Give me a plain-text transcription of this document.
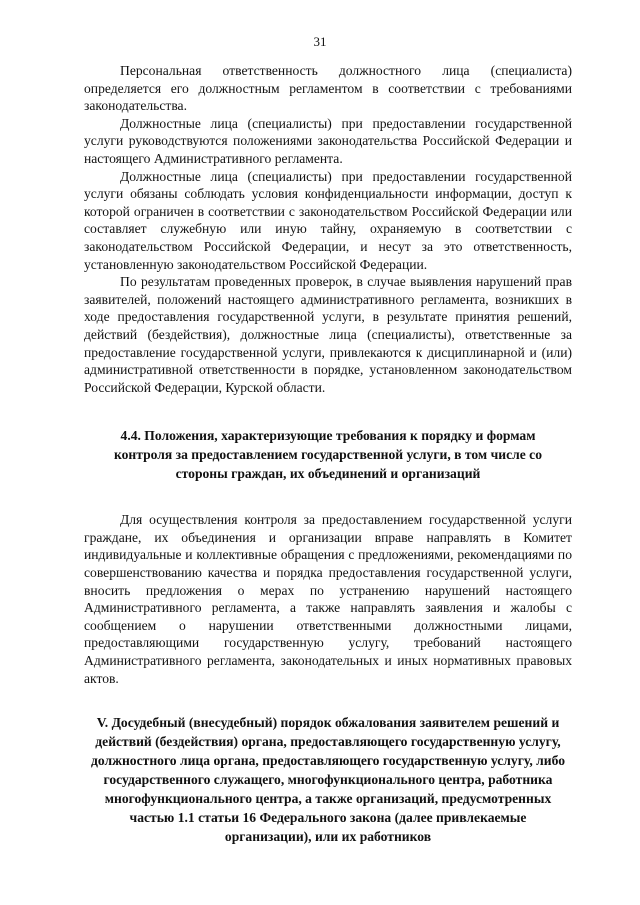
31

Персональная ответственность должностного лица (специалиста) определяется его должностным регламентом в соответствии с требованиями законодательства.

Должностные лица (специалисты) при предоставлении государственной услуги руководствуются положениями законодательства Российской Федерации и настоящего Административного регламента.

Должностные лица (специалисты) при предоставлении государственной услуги обязаны соблюдать условия конфиденциальности информации, доступ к которой ограничен в соответствии с законодательством Российской Федерации или составляет служебную или иную тайну, охраняемую в соответствии с законодательством Российской Федерации, и несут за это ответственность, установленную законодательством Российской Федерации.

По результатам проведенных проверок, в случае выявления нарушений прав заявителей, положений настоящего административного регламента, возникших в ходе предоставления государственной услуги, в результате принятия решений, действий (бездействия), должностные лица (специалисты), ответственные за предоставление государственной услуги, привлекаются к дисциплинарной и (или) административной ответственности в порядке, установленном законодательством Российской Федерации, Курской области.

4.4. Положения, характеризующие требования к порядку и формам контроля за предоставлением государственной услуги, в том числе со стороны граждан, их объединений и организаций

Для осуществления контроля за предоставлением государственной услуги граждане, их объединения и организации вправе направлять в Комитет индивидуальные и коллективные обращения с предложениями, рекомендациями по совершенствованию качества и порядка предоставления государственной услуги, вносить предложения о мерах по устранению нарушений настоящего Административного регламента, а также направлять заявления и жалобы с сообщением о нарушении ответственными должностными лицами, предоставляющими государственную услугу, требований настоящего Административного регламента, законодательных и иных нормативных правовых актов.

V. Досудебный (внесудебный) порядок обжалования заявителем решений и действий (бездействия) органа, предоставляющего государственную услугу, должностного лица органа, предоставляющего государственную услугу, либо государственного служащего, многофункционального центра, работника многофункционального центра, а также организаций, предусмотренных частью 1.1 статьи 16 Федерального закона (далее привлекаемые организации), или их работников
